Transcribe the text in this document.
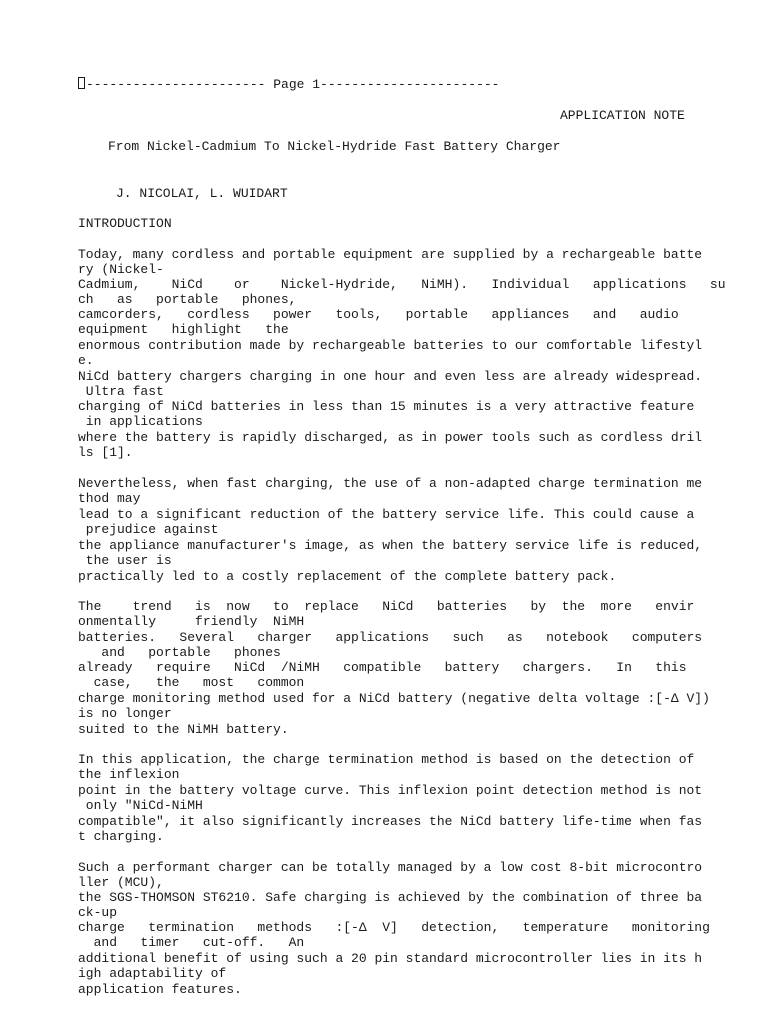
----------------------- Page 1-----------------------
APPLICATION NOTE
From Nickel-Cadmium To Nickel-Hydride Fast Battery Charger
J. NICOLAI, L. WUIDART
INTRODUCTION
Today, many cordless and portable equipment are supplied by a rechargeable batte
ry (Nickel-
Cadmium,    NiCd    or    Nickel-Hydride,   NiMH).   Individual   applications   su
ch   as   portable   phones,
camcorders,   cordless   power   tools,   portable   appliances   and   audio
equipment   highlight   the
enormous contribution made by rechargeable batteries to our comfortable lifestyl
e.
NiCd battery chargers charging in one hour and even less are already widespread.
Ultra fast
charging of NiCd batteries in less than 15 minutes is a very attractive feature
in applications
where the battery is rapidly discharged, as in power tools such as cordless dril
ls [1].
Nevertheless, when fast charging, the use of a non-adapted charge termination me
thod may
lead to a significant reduction of the battery service life. This could cause a
prejudice against
the appliance manufacturer's image, as when the battery service life is reduced,
the user is
practically led to a costly replacement of the complete battery pack.
The    trend   is  now   to  replace   NiCd   batteries   by  the  more   envir
onmentally     friendly  NiMH
batteries.   Several   charger   applications   such   as   notebook   computers
and   portable   phones
already   require   NiCd  /NiMH   compatible   battery   chargers.   In   this
case,   the   most   common
charge monitoring method used for a NiCd battery (negative delta voltage :[-Δ V])
is no longer
suited to the NiMH battery.
In this application, the charge termination method is based on the detection of
the inflexion
point in the battery voltage curve. This inflexion point detection method is not
only "NiCd-NiMH
compatible", it also significantly increases the NiCd battery life-time when fas
t charging.
Such a performant charger can be totally managed by a low cost 8-bit microcontro
ller (MCU),
the SGS-THOMSON ST6210. Safe charging is achieved by the combination of three ba
ck-up
charge   termination   methods   :[-Δ  V]   detection,   temperature   monitoring
and   timer   cut-off.   An
additional benefit of using such a 20 pin standard microcontroller lies in its h
igh adaptability of
application features.
